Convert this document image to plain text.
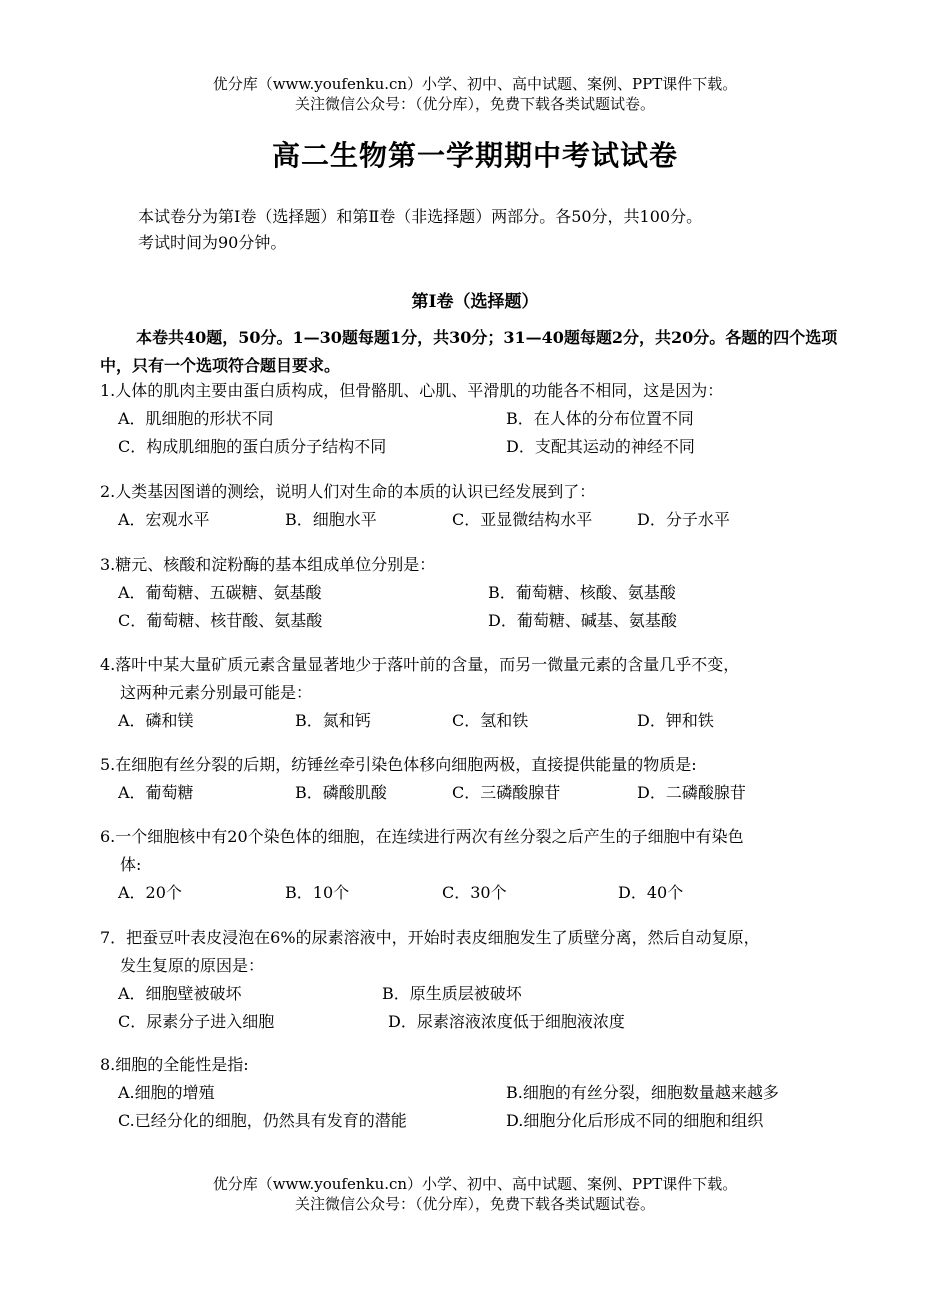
优分库（www.youfenku.cn）小学、初中、高中试题、案例、PPT课件下载。
关注微信公众号：（优分库），免费下载各类试题试卷。
高二生物第一学期期中考试试卷
本试卷分为第Ⅰ卷（选择题）和第Ⅱ卷（非选择题）两部分。各50分，共100分。
考试时间为90分钟。
第Ⅰ卷（选择题）
本卷共40题，50分。1—30题每题1分，共30分；31—40题每题2分，共20分。各题的四个选项中，只有一个选项符合题目要求。
1.人体的肌肉主要由蛋白质构成，但骨骼肌、心肌、平滑肌的功能各不相同，这是因为：
A．肌细胞的形状不同	B．在人体的分布位置不同
C．构成肌细胞的蛋白质分子结构不同	D．支配其运动的神经不同
2.人类基因图谱的测绘，说明人们对生命的本质的认识已经发展到了：
A．宏观水平	B．细胞水平	C．亚显微结构水平	D．分子水平
3.糖元、核酸和淀粉酶的基本组成单位分别是：
A．葡萄糖、五碳糖、氨基酸	B．葡萄糖、核酸、氨基酸
C．葡萄糖、核苷酸、氨基酸	D．葡萄糖、碱基、氨基酸
4.落叶中某大量矿质元素含量显著地少于落叶前的含量，而另一微量元素的含量几乎不变，
这两种元素分别最可能是：
A．磷和镁	B．氮和钙	C．氢和铁	D．钾和铁
5.在细胞有丝分裂的后期，纺锤丝牵引染色体移向细胞两极，直接提供能量的物质是:
A．葡萄糖	B．磷酸肌酸	C．三磷酸腺苷	D．二磷酸腺苷
6.一个细胞核中有20个染色体的细胞，在连续进行两次有丝分裂之后产生的子细胞中有染色
体:
A．20个	B．10个	C．30个	D．40个
7．把蚕豆叶表皮浸泡在6%的尿素溶液中，开始时表皮细胞发生了质壁分离，然后自动复原，
发生复原的原因是：
A．细胞壁被破坏	B．原生质层被破坏
C．尿素分子进入细胞	D．尿素溶液浓度低于细胞液浓度
8.细胞的全能性是指:
A.细胞的增殖	B.细胞的有丝分裂，细胞数量越来越多
C.已经分化的细胞，仍然具有发育的潜能	D.细胞分化后形成不同的细胞和组织
优分库（www.youfenku.cn）小学、初中、高中试题、案例、PPT课件下载。
关注微信公众号：（优分库），免费下载各类试题试卷。
